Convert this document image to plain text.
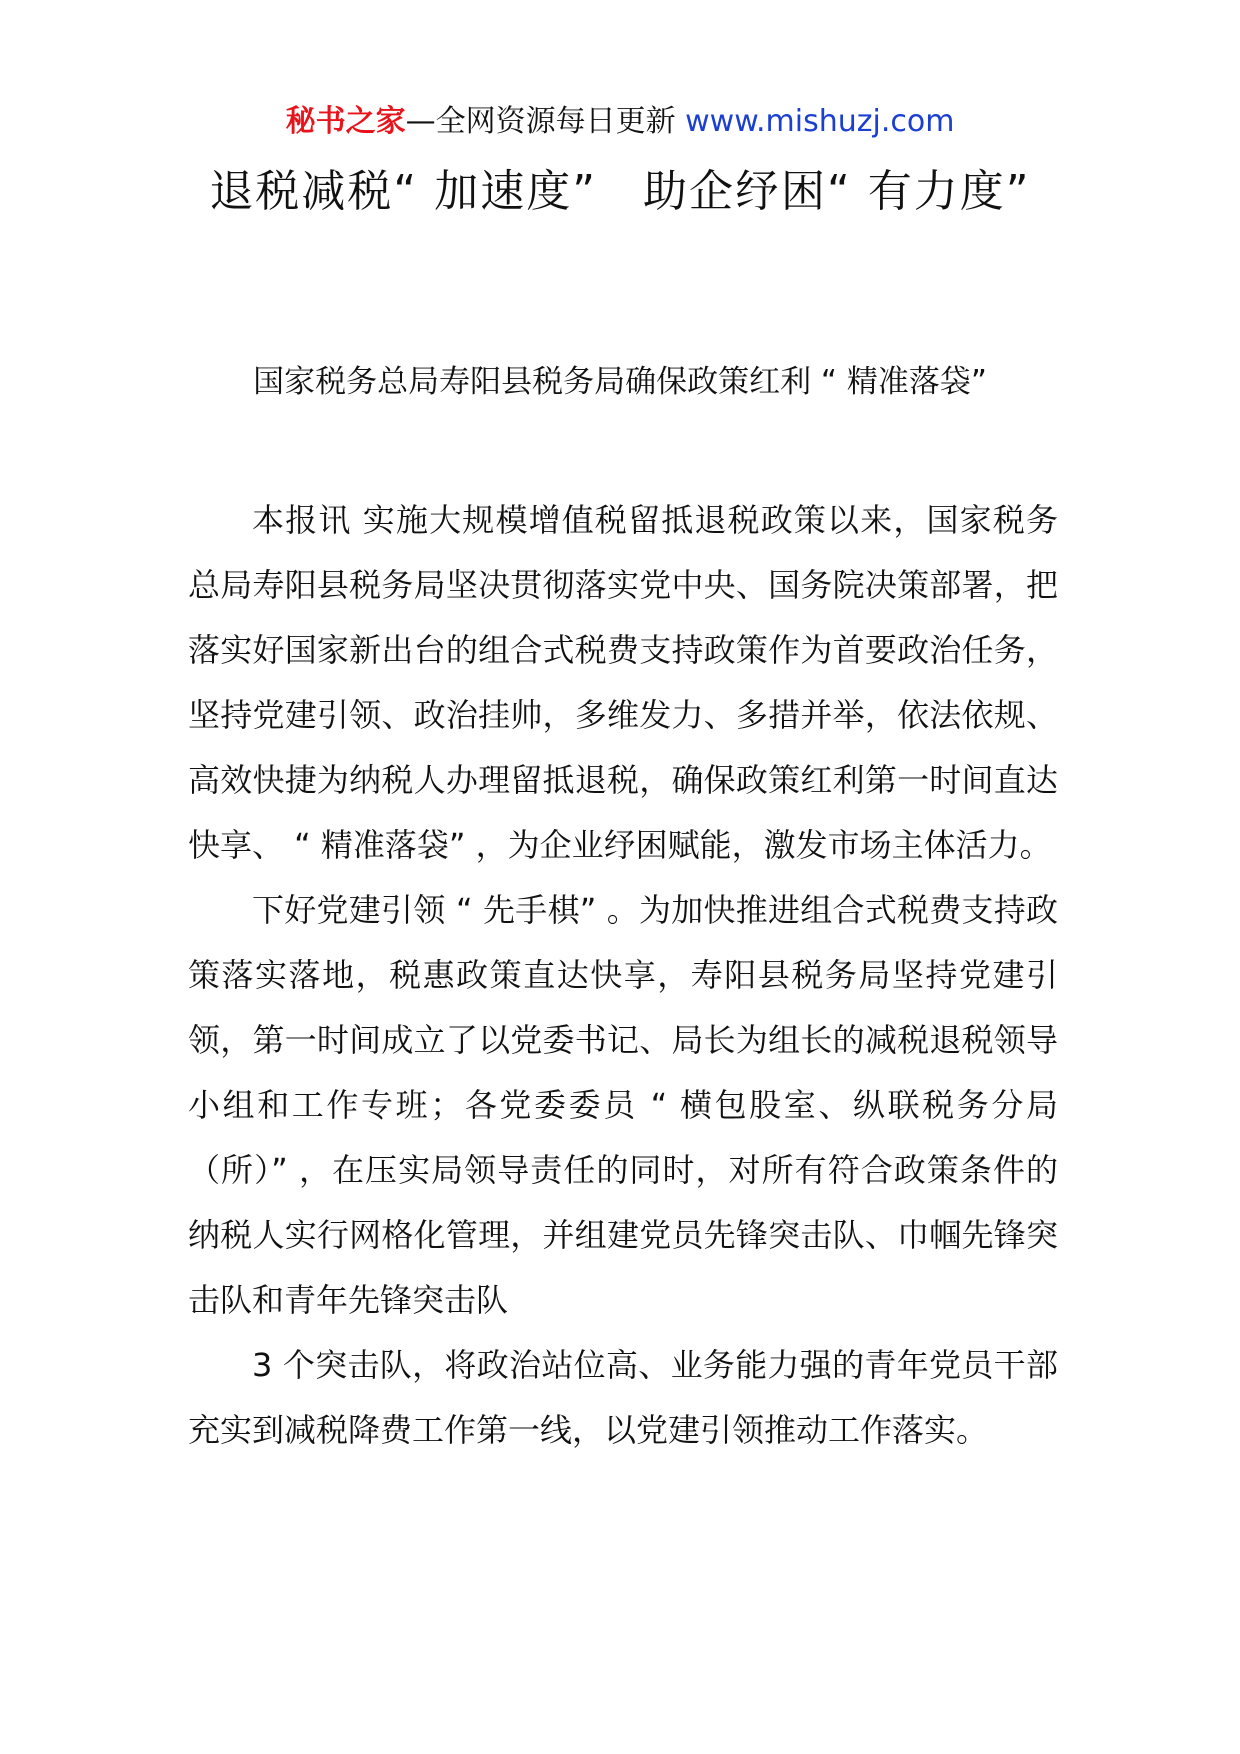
秘书之家—全网资源每日更新 www.mishuzj.com
退税减税“ 加速度”　助企纾困“ 有力度”
国家税务总局寿阳县税务局确保政策红利 “ 精准落袋”

本报讯 实施大规模增值税留抵退税政策以来，国家税务总局寿阳县税务局坚决贯彻落实党中央、国务院决策部署，把落实好国家新出台的组合式税费支持政策作为首要政治任务，坚持党建引领、政治挂帅，多维发力、多措并举，依法依规、高效快捷为纳税人办理留抵退税，确保政策红利第一时间直达快享、 “ 精准落袋” ，为企业纾困赋能，激发市场主体活力。

下好党建引领 “ 先手棋” 。为加快推进组合式税费支持政策落实落地，税惠政策直达快享，寿阳县税务局坚持党建引领，第一时间成立了以党委书记、局长为组长的减税退税领导小组和工作专班；各党委委员 “ 横包股室、纵联税务分局（所）” ，在压实局领导责任的同时，对所有符合政策条件的纳税人实行网格化管理，并组建党员先锋突击队、巾帼先锋突击队和青年先锋突击队

3 个突击队，将政治站位高、业务能力强的青年党员干部充实到减税降费工作第一线，以党建引领推动工作落实。
